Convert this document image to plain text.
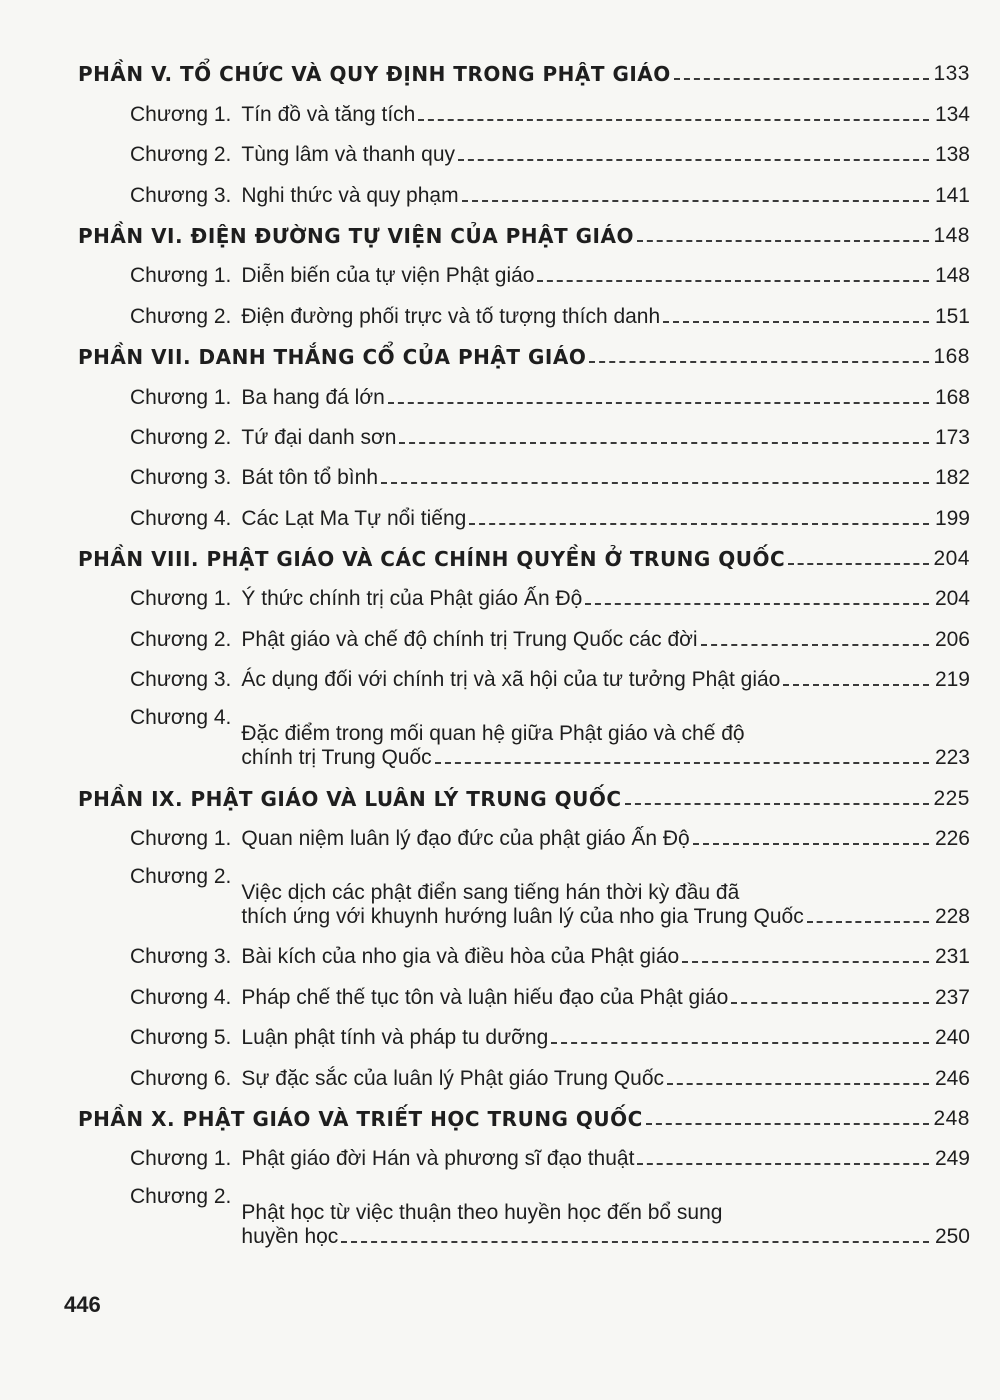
PHẦN V. TỔ CHỨC VÀ QUY ĐỊNH TRONG PHẬT GIÁO	133
Chương 1. Tín đồ và tăng tích	134
Chương 2. Tùng lâm và thanh quy	138
Chương 3. Nghi thức và quy phạm	141
PHẦN VI. ĐIỆN ĐƯỜNG TỰ VIỆN CỦA PHẬT GIÁO	148
Chương 1. Diễn biến của tự viện Phật giáo	148
Chương 2. Điện đường phối trực và tố tượng thích danh	151
PHẦN VII. DANH THẮNG CỔ CỦA PHẬT GIÁO	168
Chương 1. Ba hang đá lớn	168
Chương 2. Tứ đại danh sơn	173
Chương 3. Bát tôn tổ bình	182
Chương 4. Các Lạt Ma Tự nổi tiếng	199
PHẦN VIII. PHẬT GIÁO VÀ CÁC CHÍNH QUYỀN Ở TRUNG QUỐC	204
Chương 1. Ý thức chính trị của Phật giáo Ấn Độ	204
Chương 2. Phật giáo và chế độ chính trị Trung Quốc các đời	206
Chương 3. Ác dụng đối với chính trị và xã hội của tư tưởng Phật giáo	219
Chương 4.
Đặc điểm trong mối quan hệ giữa Phật giáo và chế độ
chính trị Trung Quốc	223
PHẦN IX. PHẬT GIÁO VÀ LUÂN LÝ TRUNG QUỐC	225
Chương 1. Quan niệm luân lý đạo đức của phật giáo Ấn Độ	226
Chương 2.
Việc dịch các phật điển sang tiếng hán thời kỳ đầu đã
thích ứng với khuynh hướng luân lý của nho gia Trung Quốc	228
Chương 3. Bài kích của nho gia và điều hòa của Phật giáo	231
Chương 4. Pháp chế thế tục tôn và luận hiếu đạo của Phật giáo	237
Chương 5. Luận phật tính và pháp tu dưỡng	240
Chương 6. Sự đặc sắc của luân lý Phật giáo Trung Quốc	246
PHẦN X. PHẬT GIÁO VÀ TRIẾT HỌC TRUNG QUỐC	248
Chương 1. Phật giáo đời Hán và phương sĩ đạo thuật	249
Chương 2.
Phật học từ việc thuận theo huyền học đến bổ sung
huyền học	250
446
